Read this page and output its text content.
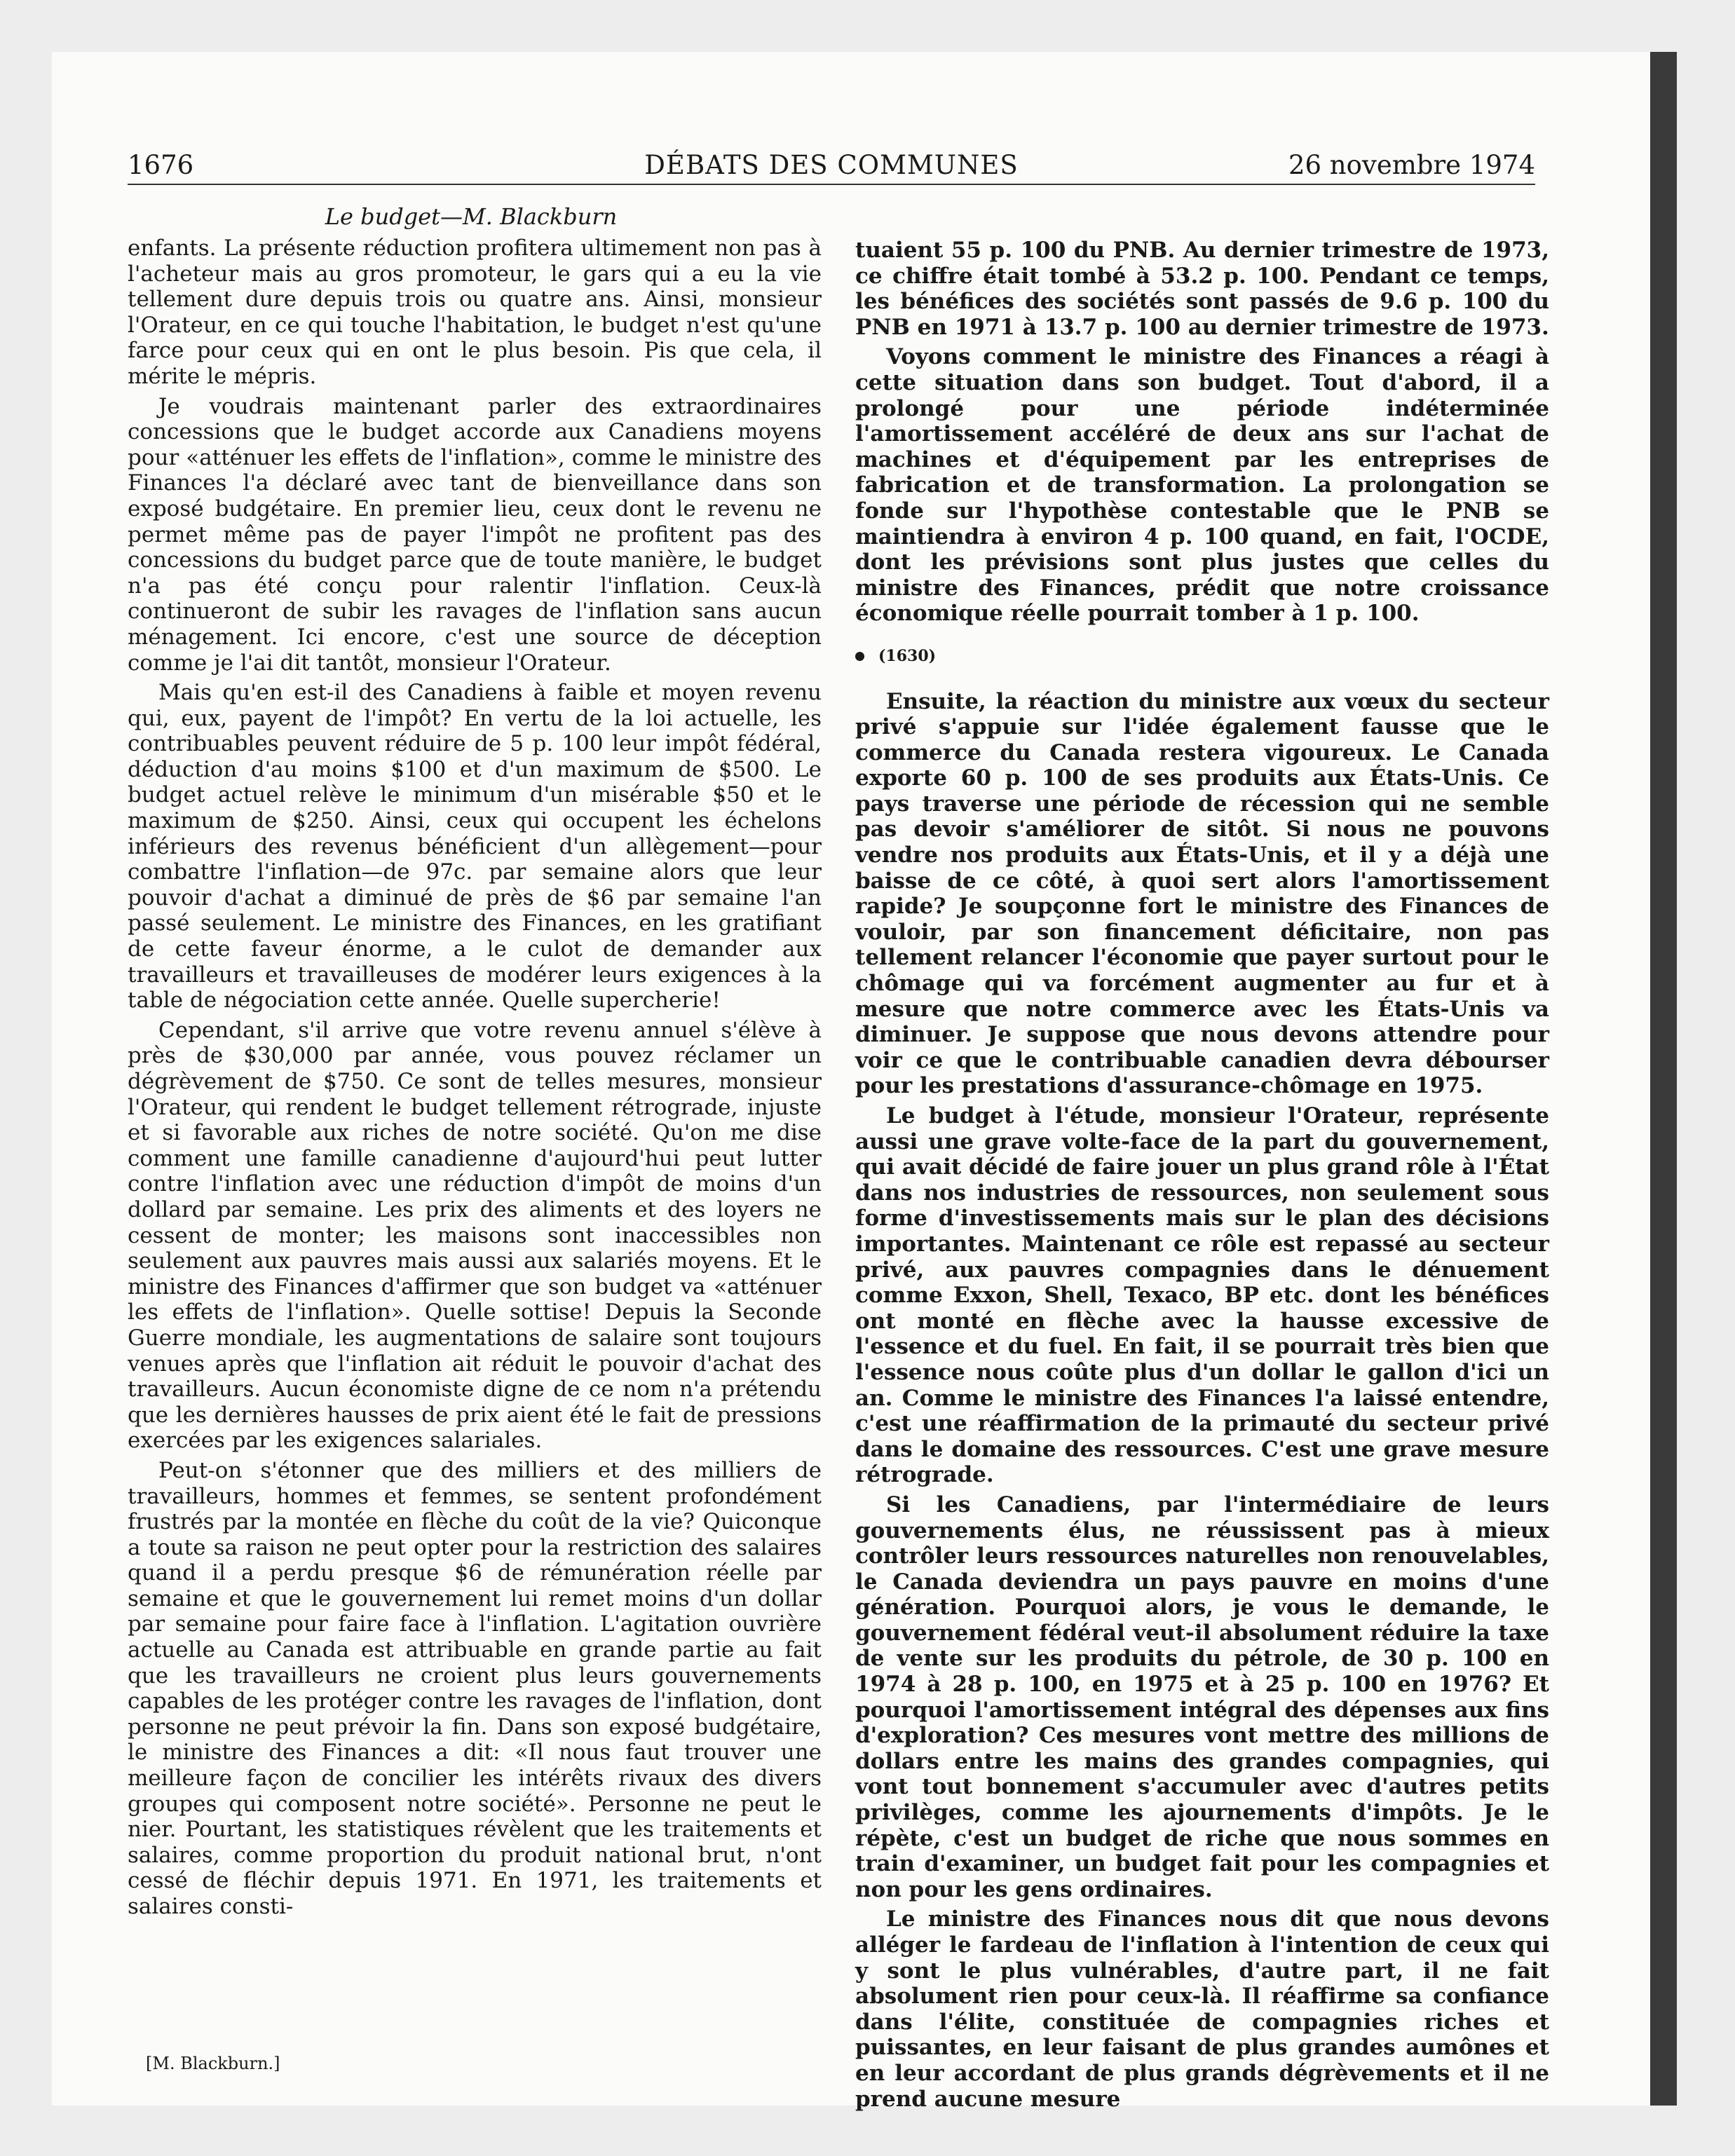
1676	DÉBATS DES COMMUNES	26 novembre 1974
Le budget—M. Blackburn

enfants. La présente réduction profitera ultimement non pas à l'acheteur mais au gros promoteur, le gars qui a eu la vie tellement dure depuis trois ou quatre ans. Ainsi, monsieur l'Orateur, en ce qui touche l'habitation, le budget n'est qu'une farce pour ceux qui en ont le plus besoin. Pis que cela, il mérite le mépris.

Je voudrais maintenant parler des extraordinaires concessions que le budget accorde aux Canadiens moyens pour «atténuer les effets de l'inflation», comme le ministre des Finances l'a déclaré avec tant de bienveillance dans son exposé budgétaire. En premier lieu, ceux dont le revenu ne permet même pas de payer l'impôt ne profitent pas des concessions du budget parce que de toute manière, le budget n'a pas été conçu pour ralentir l'inflation. Ceux-là continueront de subir les ravages de l'inflation sans aucun ménagement. Ici encore, c'est une source de déception comme je l'ai dit tantôt, monsieur l'Orateur.

Mais qu'en est-il des Canadiens à faible et moyen revenu qui, eux, payent de l'impôt? En vertu de la loi actuelle, les contribuables peuvent réduire de 5 p. 100 leur impôt fédéral, déduction d'au moins $100 et d'un maximum de $500. Le budget actuel relève le minimum d'un misérable $50 et le maximum de $250. Ainsi, ceux qui occupent les échelons inférieurs des revenus bénéficient d'un allègement—pour combattre l'inflation—de 97c. par semaine alors que leur pouvoir d'achat a diminué de près de $6 par semaine l'an passé seulement. Le ministre des Finances, en les gratifiant de cette faveur énorme, a le culot de demander aux travailleurs et travailleuses de modérer leurs exigences à la table de négociation cette année. Quelle supercherie!

Cependant, s'il arrive que votre revenu annuel s'élève à près de $30,000 par année, vous pouvez réclamer un dégrèvement de $750. Ce sont de telles mesures, monsieur l'Orateur, qui rendent le budget tellement rétrograde, injuste et si favorable aux riches de notre société. Qu'on me dise comment une famille canadienne d'aujourd'hui peut lutter contre l'inflation avec une réduction d'impôt de moins d'un dollard par semaine. Les prix des aliments et des loyers ne cessent de monter; les maisons sont inaccessibles non seulement aux pauvres mais aussi aux salariés moyens. Et le ministre des Finances d'affirmer que son budget va «atténuer les effets de l'inflation». Quelle sottise! Depuis la Seconde Guerre mondiale, les augmentations de salaire sont toujours venues après que l'inflation ait réduit le pouvoir d'achat des travailleurs. Aucun économiste digne de ce nom n'a prétendu que les dernières hausses de prix aient été le fait de pressions exercées par les exigences salariales.

Peut-on s'étonner que des milliers et des milliers de travailleurs, hommes et femmes, se sentent profondément frustrés par la montée en flèche du coût de la vie? Quiconque a toute sa raison ne peut opter pour la restriction des salaires quand il a perdu presque $6 de rémunération réelle par semaine et que le gouvernement lui remet moins d'un dollar par semaine pour faire face à l'inflation. L'agitation ouvrière actuelle au Canada est attribuable en grande partie au fait que les travailleurs ne croient plus leurs gouvernements capables de les protéger contre les ravages de l'inflation, dont personne ne peut prévoir la fin. Dans son exposé budgétaire, le ministre des Finances a dit: «Il nous faut trouver une meilleure façon de concilier les intérêts rivaux des divers groupes qui composent notre société». Personne ne peut le nier. Pourtant, les statistiques révèlent que les traitements et salaires, comme proportion du produit national brut, n'ont cessé de fléchir depuis 1971. En 1971, les traitements et salaires consti-

tuaient 55 p. 100 du PNB. Au dernier trimestre de 1973, ce chiffre était tombé à 53.2 p. 100. Pendant ce temps, les bénéfices des sociétés sont passés de 9.6 p. 100 du PNB en 1971 à 13.7 p. 100 au dernier trimestre de 1973.

Voyons comment le ministre des Finances a réagi à cette situation dans son budget. Tout d'abord, il a prolongé pour une période indéterminée l'amortissement accéléré de deux ans sur l'achat de machines et d'équipement par les entreprises de fabrication et de transformation. La prolongation se fonde sur l'hypothèse contestable que le PNB se maintiendra à environ 4 p. 100 quand, en fait, l'OCDE, dont les prévisions sont plus justes que celles du ministre des Finances, prédit que notre croissance économique réelle pourrait tomber à 1 p. 100.

(1630)

Ensuite, la réaction du ministre aux vœux du secteur privé s'appuie sur l'idée également fausse que le commerce du Canada restera vigoureux. Le Canada exporte 60 p. 100 de ses produits aux États-Unis. Ce pays traverse une période de récession qui ne semble pas devoir s'améliorer de sitôt. Si nous ne pouvons vendre nos produits aux États-Unis, et il y a déjà une baisse de ce côté, à quoi sert alors l'amortissement rapide? Je soupçonne fort le ministre des Finances de vouloir, par son financement déficitaire, non pas tellement relancer l'économie que payer surtout pour le chômage qui va forcément augmenter au fur et à mesure que notre commerce avec les États-Unis va diminuer. Je suppose que nous devons attendre pour voir ce que le contribuable canadien devra débourser pour les prestations d'assurance-chômage en 1975.

Le budget à l'étude, monsieur l'Orateur, représente aussi une grave volte-face de la part du gouvernement, qui avait décidé de faire jouer un plus grand rôle à l'État dans nos industries de ressources, non seulement sous forme d'investissements mais sur le plan des décisions importantes. Maintenant ce rôle est repassé au secteur privé, aux pauvres compagnies dans le dénuement comme Exxon, Shell, Texaco, BP etc. dont les bénéfices ont monté en flèche avec la hausse excessive de l'essence et du fuel. En fait, il se pourrait très bien que l'essence nous coûte plus d'un dollar le gallon d'ici un an. Comme le ministre des Finances l'a laissé entendre, c'est une réaffirmation de la primauté du secteur privé dans le domaine des ressources. C'est une grave mesure rétrograde.

Si les Canadiens, par l'intermédiaire de leurs gouvernements élus, ne réussissent pas à mieux contrôler leurs ressources naturelles non renouvelables, le Canada deviendra un pays pauvre en moins d'une génération. Pourquoi alors, je vous le demande, le gouvernement fédéral veut-il absolument réduire la taxe de vente sur les produits du pétrole, de 30 p. 100 en 1974 à 28 p. 100, en 1975 et à 25 p. 100 en 1976? Et pourquoi l'amortissement intégral des dépenses aux fins d'exploration? Ces mesures vont mettre des millions de dollars entre les mains des grandes compagnies, qui vont tout bonnement s'accumuler avec d'autres petits privilèges, comme les ajournements d'impôts. Je le répète, c'est un budget de riche que nous sommes en train d'examiner, un budget fait pour les compagnies et non pour les gens ordinaires.

Le ministre des Finances nous dit que nous devons alléger le fardeau de l'inflation à l'intention de ceux qui y sont le plus vulnérables, d'autre part, il ne fait absolument rien pour ceux-là. Il réaffirme sa confiance dans l'élite, constituée de compagnies riches et puissantes, en leur faisant de plus grandes aumônes et en leur accordant de plus grands dégrèvements et il ne prend aucune mesure

[M. Blackburn.]
